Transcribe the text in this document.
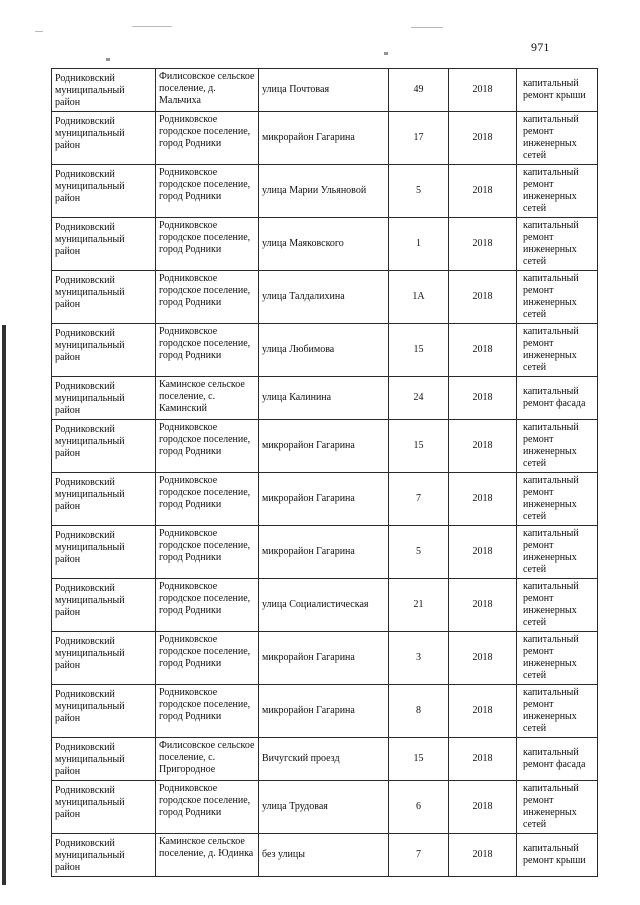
971
Родниковский муниципальный район	Филисовское сельское поселение, д. Мальчиха	улица Почтовая	49	2018	капитальный ремонт крыши
Родниковский муниципальный район	Родниковское городское поселение, город Родники	микрорайон Гагарина	17	2018	капитальный ремонт инженерных сетей
Родниковский муниципальный район	Родниковское городское поселение, город Родники	улица Марии Ульяновой	5	2018	капитальный ремонт инженерных сетей
Родниковский муниципальный район	Родниковское городское поселение, город Родники	улица Маяковского	1	2018	капитальный ремонт инженерных сетей
Родниковский муниципальный район	Родниковское городское поселение, город Родники	улица Талдалихина	1А	2018	капитальный ремонт инженерных сетей
Родниковский муниципальный район	Родниковское городское поселение, город Родники	улица Любимова	15	2018	капитальный ремонт инженерных сетей
Родниковский муниципальный район	Каминское сельское поселение, с. Каминский	улица Калинина	24	2018	капитальный ремонт фасада
Родниковский муниципальный район	Родниковское городское поселение, город Родники	микрорайон Гагарина	15	2018	капитальный ремонт инженерных сетей
Родниковский муниципальный район	Родниковское городское поселение, город Родники	микрорайон Гагарина	7	2018	капитальный ремонт инженерных сетей
Родниковский муниципальный район	Родниковское городское поселение, город Родники	микрорайон Гагарина	5	2018	капитальный ремонт инженерных сетей
Родниковский муниципальный район	Родниковское городское поселение, город Родники	улица Социалистическая	21	2018	капитальный ремонт инженерных сетей
Родниковский муниципальный район	Родниковское городское поселение, город Родники	микрорайон Гагарина	3	2018	капитальный ремонт инженерных сетей
Родниковский муниципальный район	Родниковское городское поселение, город Родники	микрорайон Гагарина	8	2018	капитальный ремонт инженерных сетей
Родниковский муниципальный район	Филисовское сельское поселение, с. Пригородное	Вичугский проезд	15	2018	капитальный ремонт фасада
Родниковский муниципальный район	Родниковское городское поселение, город Родники	улица Трудовая	6	2018	капитальный ремонт инженерных сетей
Родниковский муниципальный район	Каминское сельское поселение, д. Юдинка	без улицы	7	2018	капитальный ремонт крыши
